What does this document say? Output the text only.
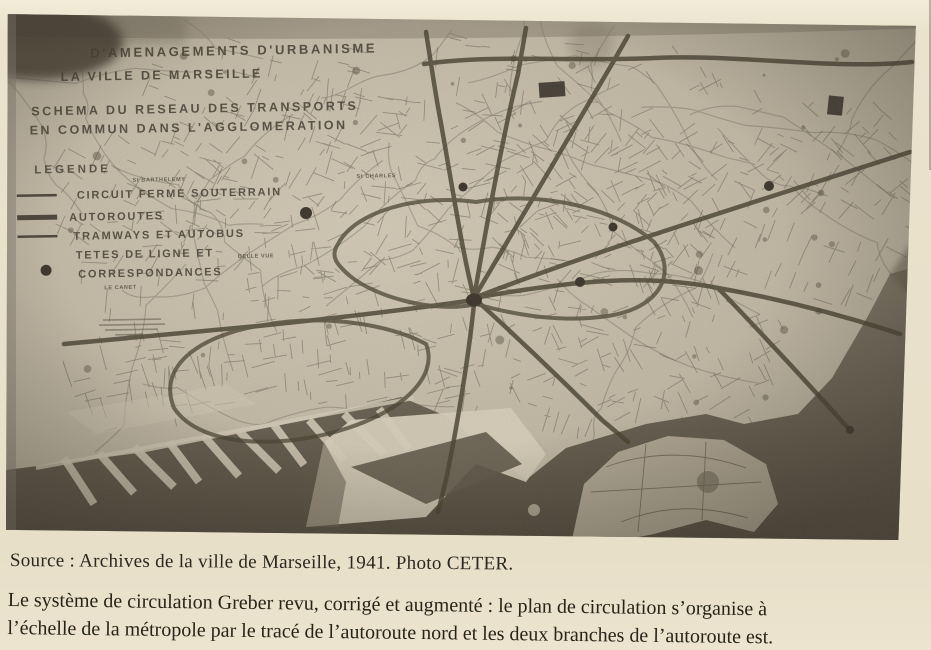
Source : Archives de la ville de Marseille, 1941. Photo CETER.
Le système de circulation Greber revu, corrigé et augmenté : le plan de circulation s’organise à
l’échelle de la métropole par le tracé de l’autoroute nord et les deux branches de l’autoroute est.
